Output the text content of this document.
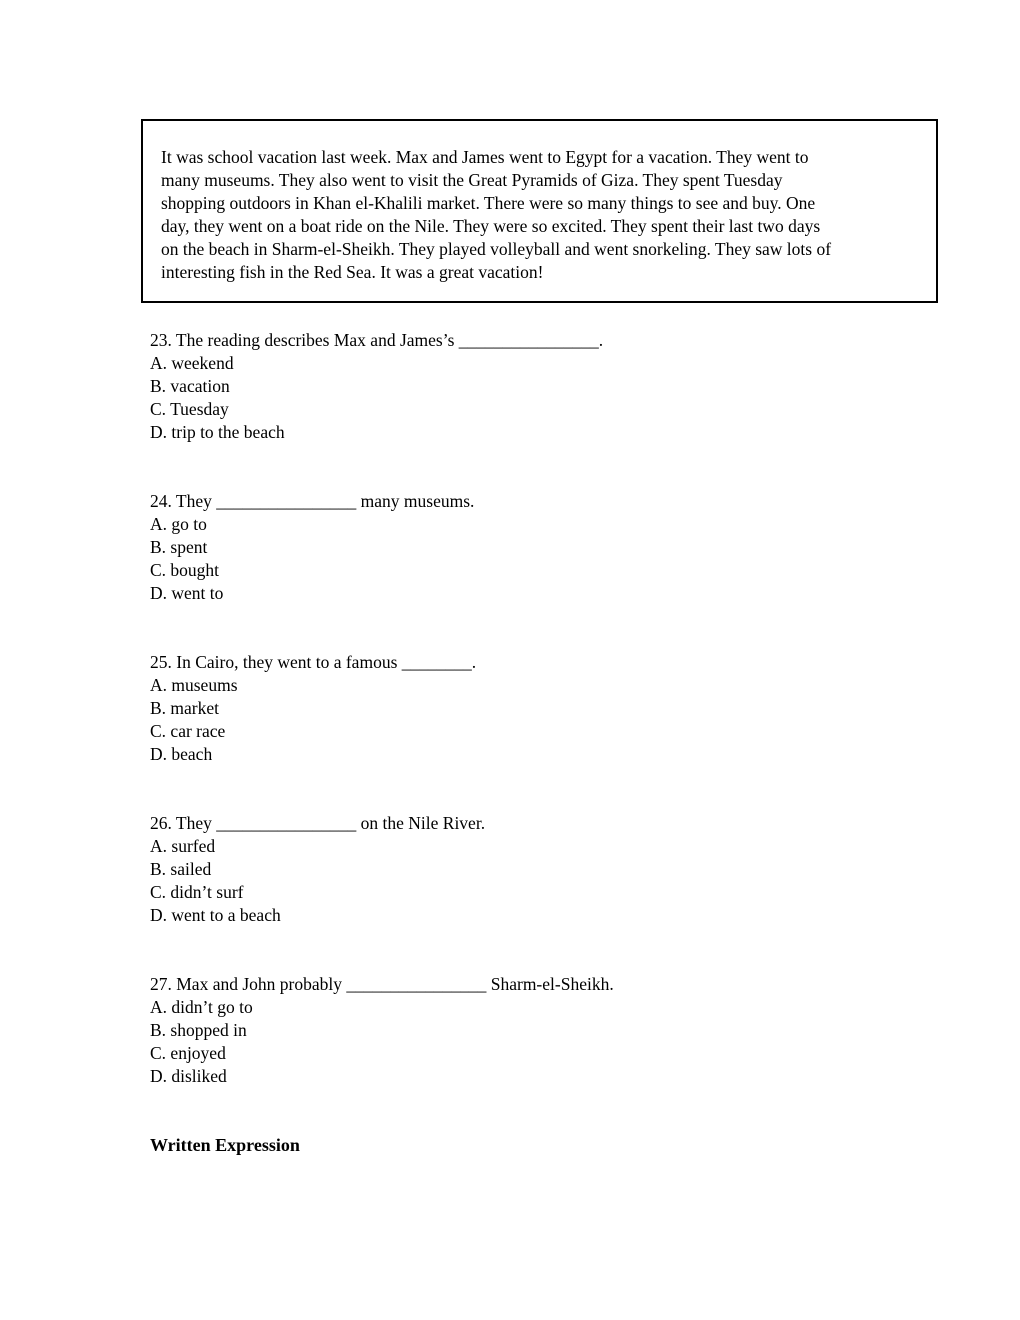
It was school vacation last week. Max and James went to Egypt for a vacation. They went to

many museums. They also went to visit the Great Pyramids of Giza. They spent Tuesday

shopping outdoors in Khan el-Khalili market. There were so many things to see and buy. One

day, they went on a boat ride on the Nile. They were so excited. They spent their last two days

on the beach in Sharm-el-Sheikh. They played volleyball and went snorkeling. They saw lots of

interesting fish in the Red Sea. It was a great vacation!

23. The reading describes Max and James’s ________________.

A. weekend

B. vacation

C. Tuesday

D. trip to the beach

24. They ________________ many museums.

A. go to

B. spent

C. bought

D. went to

25. In Cairo, they went to a famous ________.

A. museums

B. market

C. car race

D. beach

26. They ________________ on the Nile River.

A. surfed

B. sailed

C. didn’t surf

D. went to a beach

27. Max and John probably ________________ Sharm-el-Sheikh.

A. didn’t go to

B. shopped in

C. enjoyed

D. disliked

Written Expression
